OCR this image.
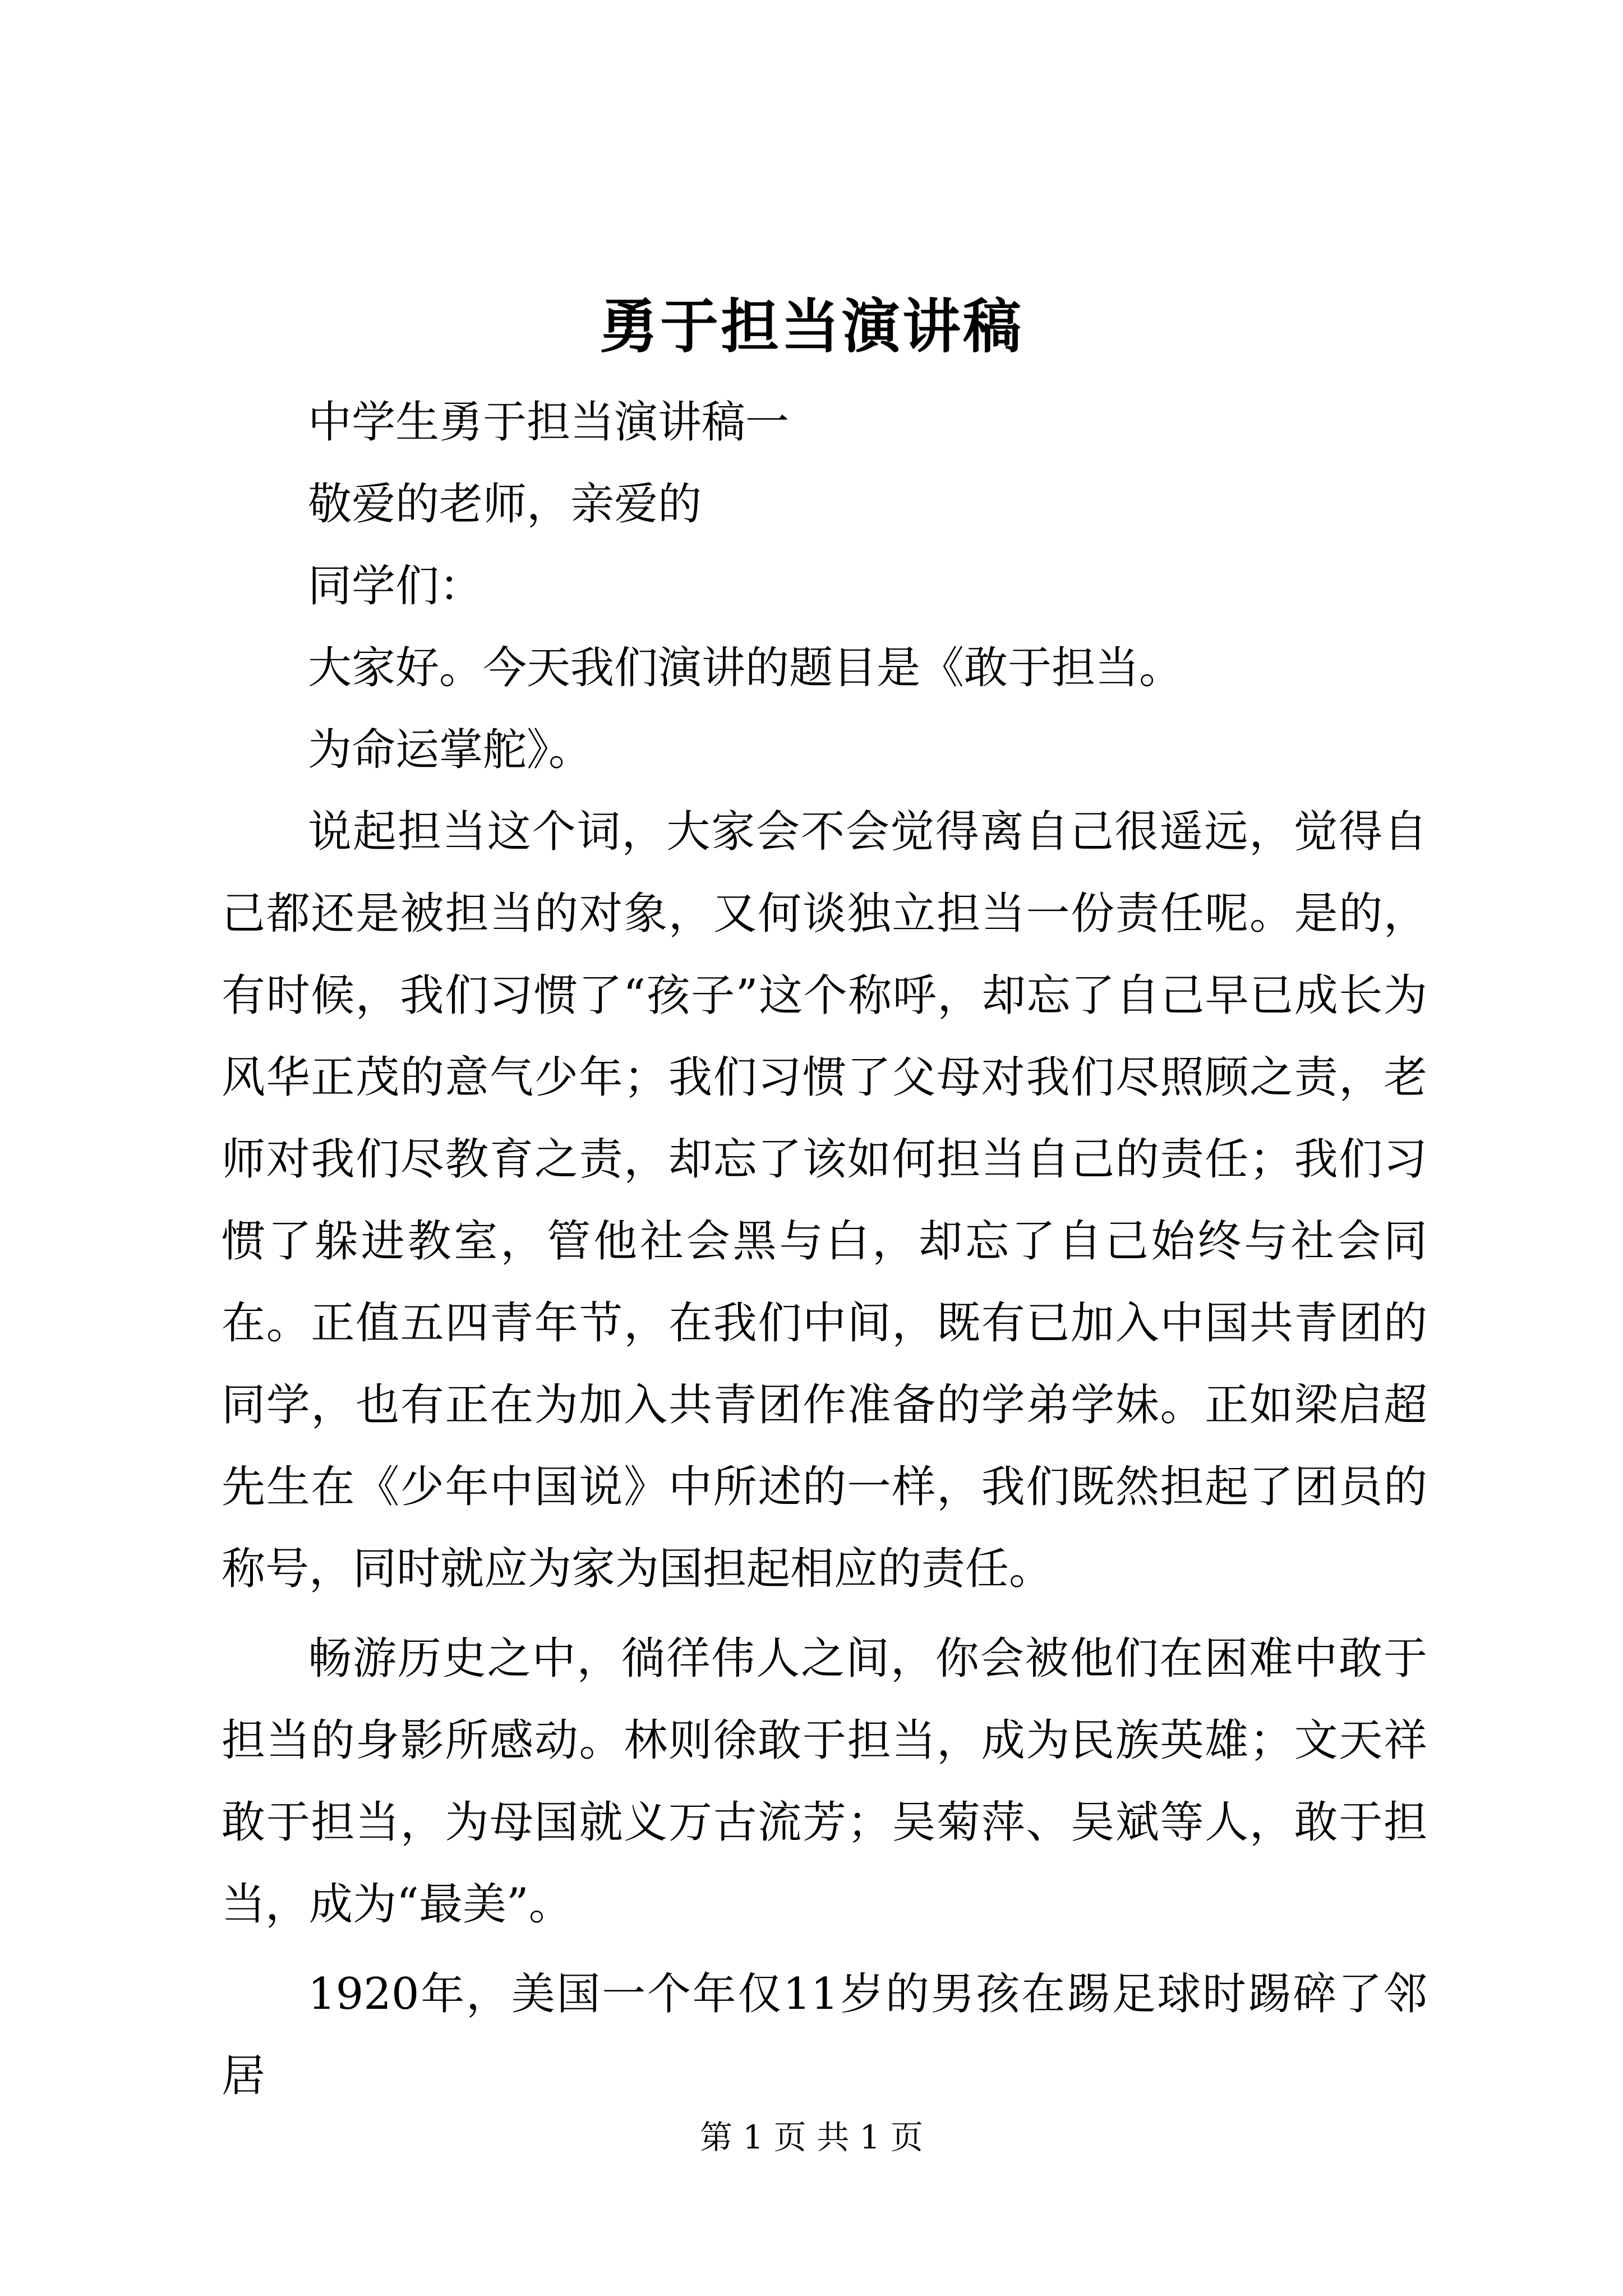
勇于担当演讲稿

中学生勇于担当演讲稿一

敬爱的老师，亲爱的

同学们：

大家好。今天我们演讲的题目是《敢于担当。

为命运掌舵》。

说起担当这个词，大家会不会觉得离自己很遥远，觉得自己都还是被担当的对象，又何谈独立担当一份责任呢。是的，有时候，我们习惯了“孩子”这个称呼，却忘了自己早已成长为风华正茂的意气少年；我们习惯了父母对我们尽照顾之责，老师对我们尽教育之责，却忘了该如何担当自己的责任；我们习惯了躲进教室，管他社会黑与白，却忘了自己始终与社会同在。正值五四青年节，在我们中间，既有已加入中国共青团的同学，也有正在为加入共青团作准备的学弟学妹。正如梁启超先生在《少年中国说》中所述的一样，我们既然担起了团员的称号，同时就应为家为国担起相应的责任。

畅游历史之中，徜徉伟人之间，你会被他们在困难中敢于担当的身影所感动。林则徐敢于担当，成为民族英雄；文天祥敢于担当，为母国就义万古流芳；吴菊萍、吴斌等人，敢于担当，成为“最美”。

1920年，美国一个年仅11岁的男孩在踢足球时踢碎了邻居

第 1 页 共 1 页
